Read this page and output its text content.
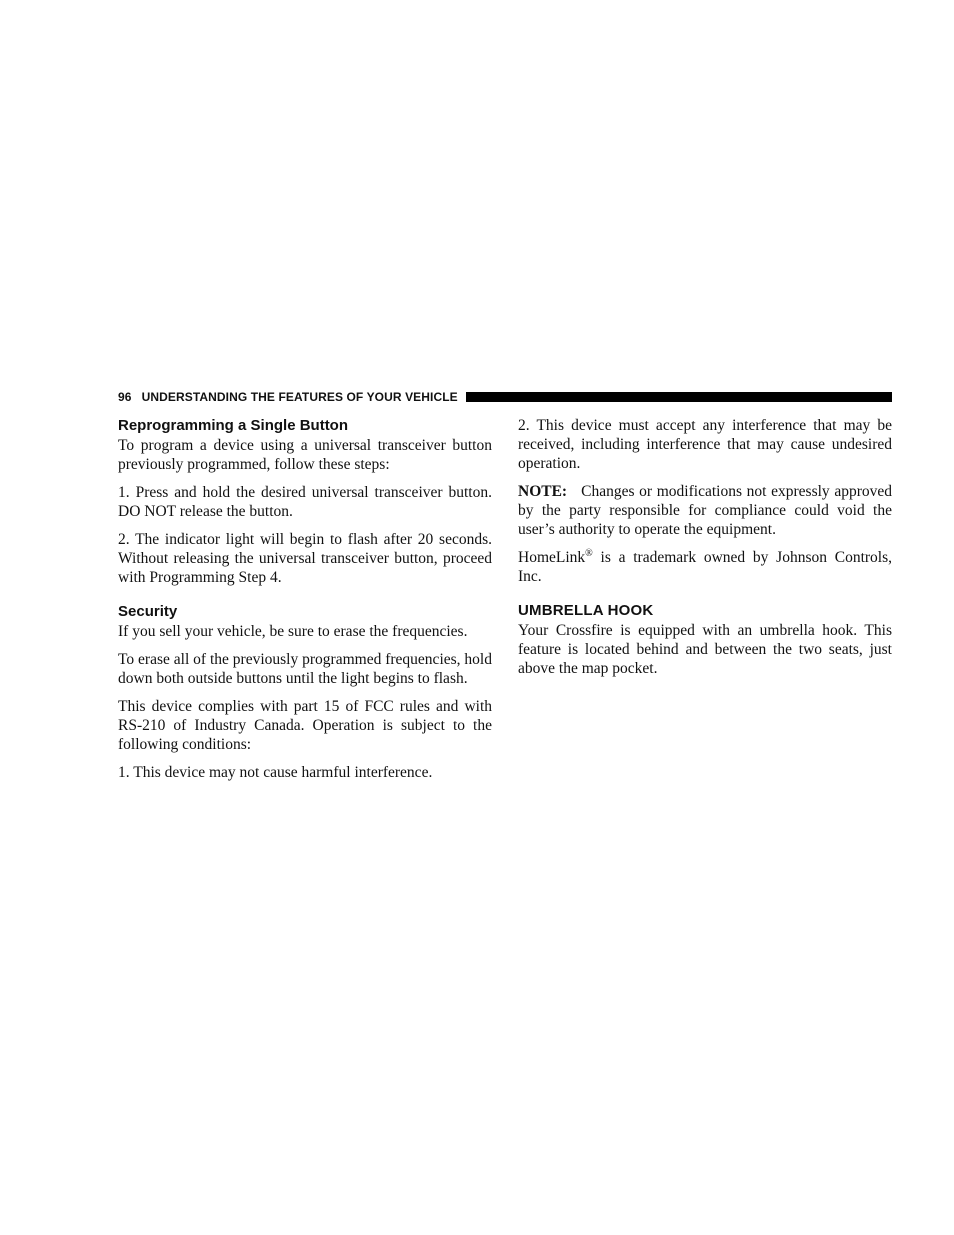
96 UNDERSTANDING THE FEATURES OF YOUR VEHICLE
Reprogramming a Single Button

To program a device using a universal transceiver button previously programmed, follow these steps:

1. Press and hold the desired universal transceiver button. DO NOT release the button.

2. The indicator light will begin to flash after 20 seconds. Without releasing the universal transceiver button, proceed with Programming Step 4.

Security

If you sell your vehicle, be sure to erase the frequencies.

To erase all of the previously programmed frequencies, hold down both outside buttons until the light begins to flash.

This device complies with part 15 of FCC rules and with RS-210 of Industry Canada. Operation is subject to the following conditions:

1. This device may not cause harmful interference.

2. This device must accept any interference that may be received, including interference that may cause undesired operation.

NOTE: Changes or modifications not expressly approved by the party responsible for compliance could void the user’s authority to operate the equipment.

HomeLink® is a trademark owned by Johnson Controls, Inc.

UMBRELLA HOOK

Your Crossfire is equipped with an umbrella hook. This feature is located behind and between the two seats, just above the map pocket.
